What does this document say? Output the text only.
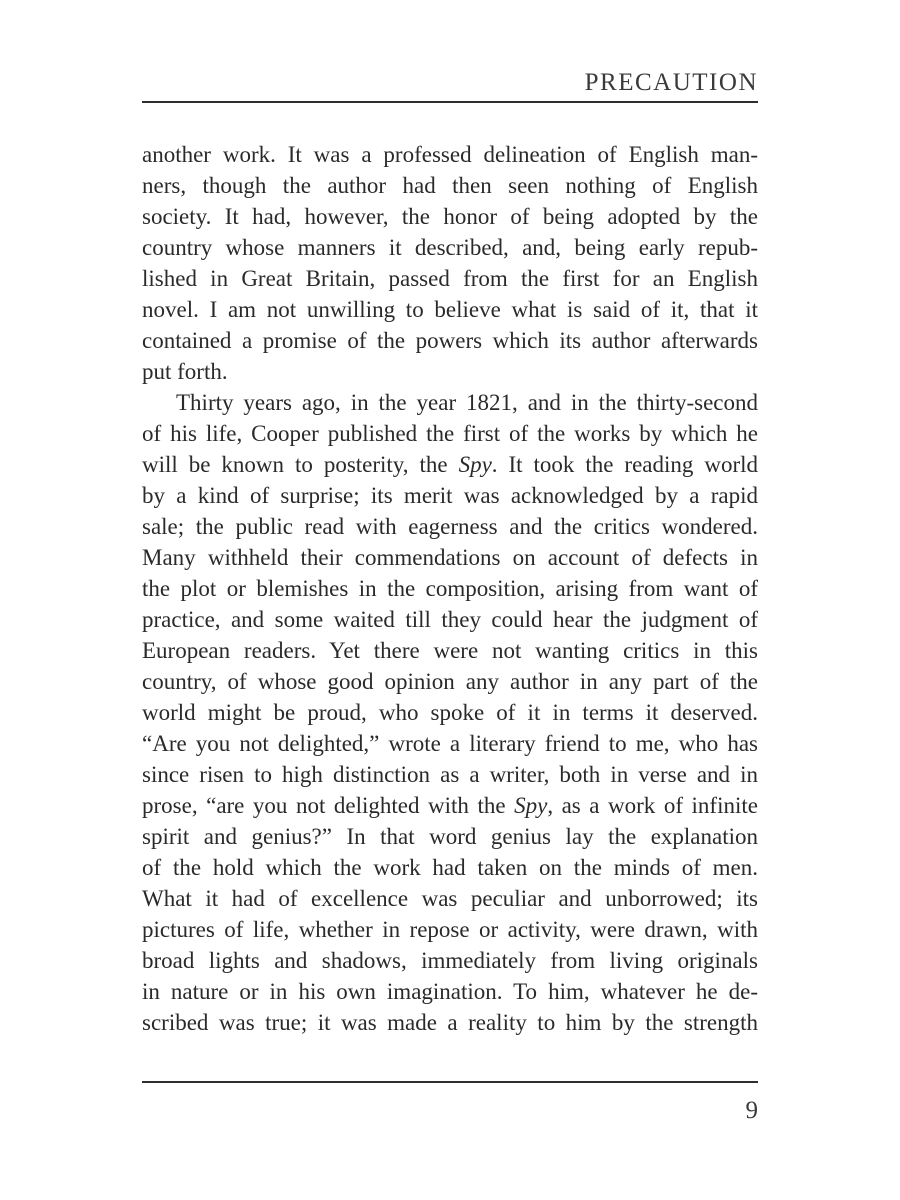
PRECAUTION
another work. It was a professed delineation of English man-
ners, though the author had then seen nothing of English
society. It had, however, the honor of being adopted by the
country whose manners it described, and, being early repub-
lished in Great Britain, passed from the first for an English
novel. I am not unwilling to believe what is said of it, that it
contained a promise of the powers which its author afterwards
put forth.
Thirty years ago, in the year 1821, and in the thirty-second
of his life, Cooper published the first of the works by which he
will be known to posterity, the Spy. It took the reading world
by a kind of surprise; its merit was acknowledged by a rapid
sale; the public read with eagerness and the critics wondered.
Many withheld their commendations on account of defects in
the plot or blemishes in the composition, arising from want of
practice, and some waited till they could hear the judgment of
European readers. Yet there were not wanting critics in this
country, of whose good opinion any author in any part of the
world might be proud, who spoke of it in terms it deserved.
“Are you not delighted,” wrote a literary friend to me, who has
since risen to high distinction as a writer, both in verse and in
prose, “are you not delighted with the Spy, as a work of infinite
spirit and genius?” In that word genius lay the explanation
of the hold which the work had taken on the minds of men.
What it had of excellence was peculiar and unborrowed; its
pictures of life, whether in repose or activity, were drawn, with
broad lights and shadows, immediately from living originals
in nature or in his own imagination. To him, whatever he de-
scribed was true; it was made a reality to him by the strength
9
